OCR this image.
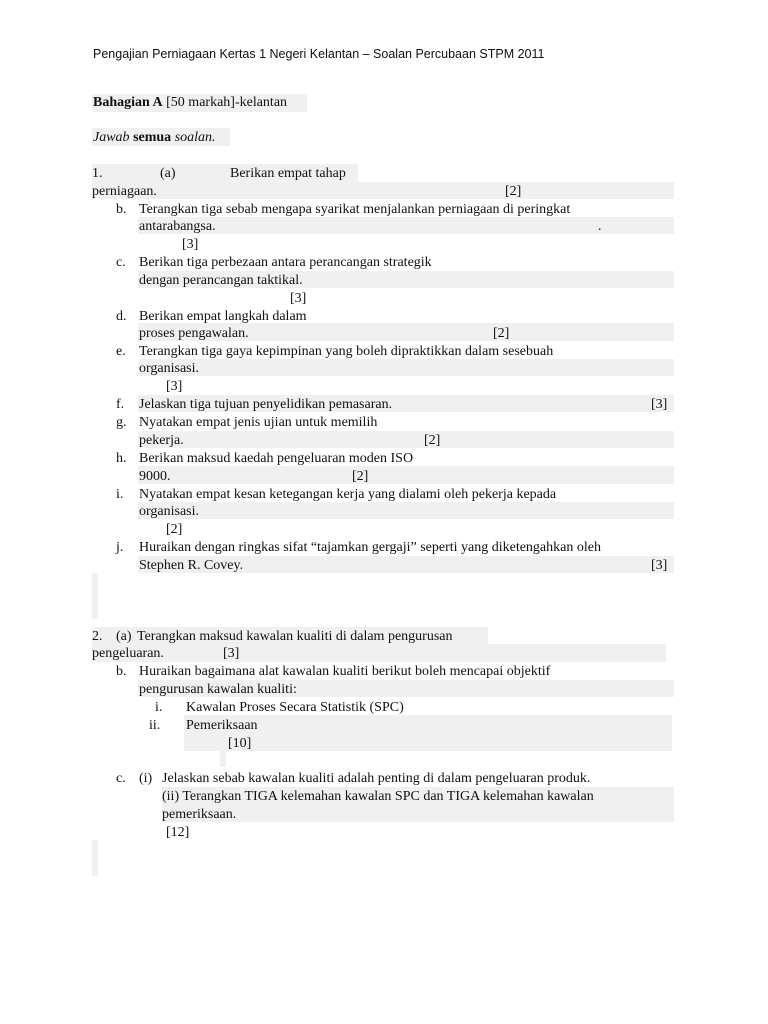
Pengajian Perniagaan Kertas 1 Negeri Kelantan – Soalan Percubaan STPM 2011
Bahagian A [50 markah]-kelantan
Jawab semua soalan.
1.	(a)	Berikan empat tahap
perniagaan.	[2]
b. Terangkan tiga sebab mengapa syarikat menjalankan perniagaan di peringkat
antarabangsa.	.
[3]
c. Berikan tiga perbezaan antara perancangan strategik
dengan perancangan taktikal.
[3]
d. Berikan empat langkah dalam
proses pengawalan.	[2]
e. Terangkan tiga gaya kepimpinan yang boleh dipraktikkan dalam sesebuah
organisasi.
[3]
f. Jelaskan tiga tujuan penyelidikan pemasaran.	[3]
g. Nyatakan empat jenis ujian untuk memilih
pekerja.	[2]
h. Berikan maksud kaedah pengeluaran moden ISO
9000.	[2]
i. Nyatakan empat kesan ketegangan kerja yang dialami oleh pekerja kepada
organisasi.
[2]
j. Huraikan dengan ringkas sifat “tajamkan gergaji” seperti yang diketengahkan oleh
Stephen R. Covey.	[3]
2. (a) Terangkan maksud kawalan kualiti di dalam pengurusan
pengeluaran.	[3]
b. Huraikan bagaimana alat kawalan kualiti berikut boleh mencapai objektif
pengurusan kawalan kualiti:
i. Kawalan Proses Secara Statistik (SPC)
ii. Pemeriksaan
[10]
c. (i) Jelaskan sebab kawalan kualiti adalah penting di dalam pengeluaran produk.
(ii) Terangkan TIGA kelemahan kawalan SPC dan TIGA kelemahan kawalan
pemeriksaan.
[12]
